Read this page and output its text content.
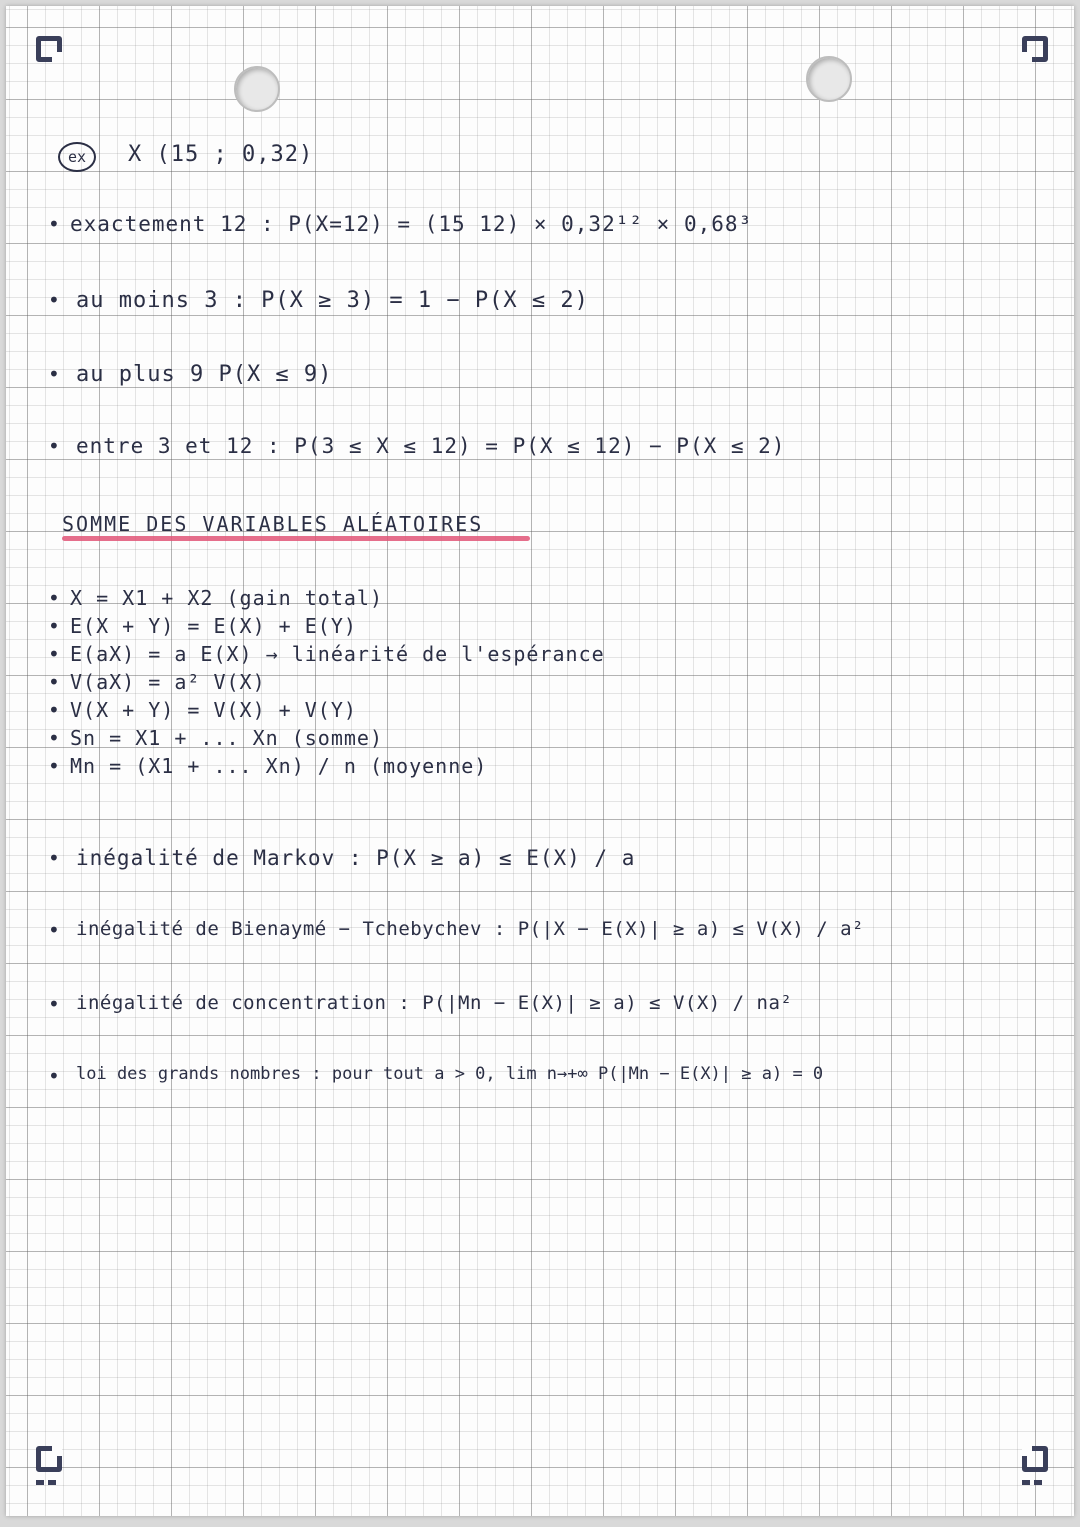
ex	X (15 ; 0,32)
• exactement 12 : P(X=12) = (15 12) × 0,32¹² × 0,68³
• au moins 3 : P(X ≥ 3) = 1 − P(X ≤ 2)
• au plus 9 P(X ≤ 9)
• entre 3 et 12 : P(3 ≤ X ≤ 12) = P(X ≤ 12) − P(X ≤ 2)
SOMME DES VARIABLES ALÉATOIRES
• X = X1 + X2 (gain total)
• E(X + Y) = E(X) + E(Y)
• E(aX) = a E(X) → linéarité de l'espérance
• V(aX) = a² V(X)
• V(X + Y) = V(X) + V(Y)
• Sn = X1 + ... Xn (somme)
• Mn = (X1 + ... Xn) / n (moyenne)
• inégalité de Markov : P(X ≥ a) ≤ E(X) / a
• inégalité de Bienaymé − Tchebychev : P(|X − E(X)| ≥ a) ≤ V(X) / a²
• inégalité de concentration : P(|Mn − E(X)| ≥ a) ≤ V(X) / na²
• loi des grands nombres : pour tout a > 0, lim n→+∞ P(|Mn − E(X)| ≥ a) = 0
